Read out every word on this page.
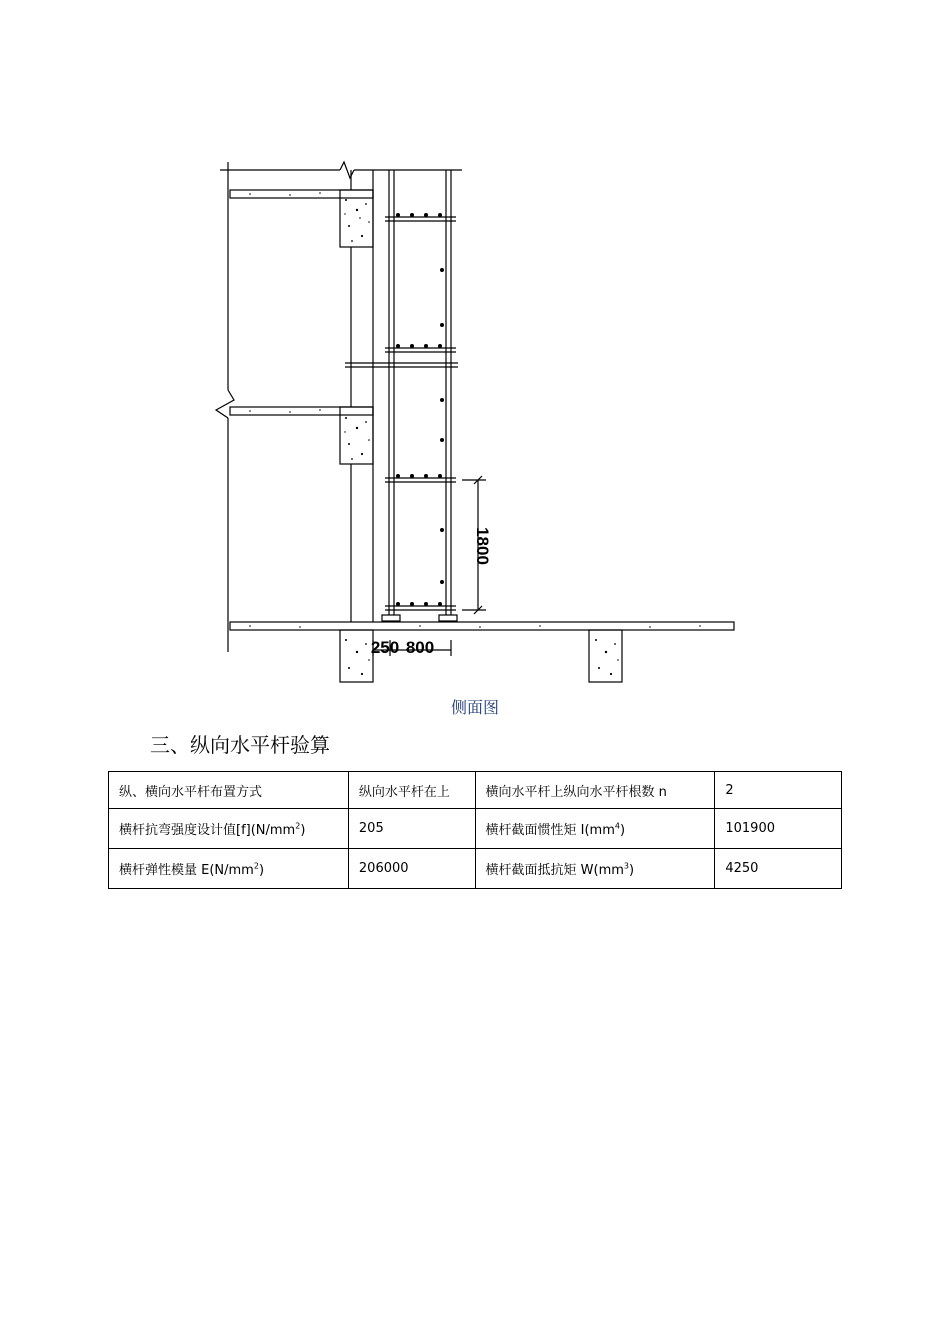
1800
250 800
侧面图
三、纵向水平杆验算
纵、横向水平杆布置方式	纵向水平杆在上	横向水平杆上纵向水平杆根数 n	2
横杆抗弯强度设计值$[f](N/mm^2)$	205	横杆截面惯性矩 $I(mm^4)$	101900
横杆弹性模量 $E(N/mm^2)$	206000	横杆截面抵抗矩 $W(mm^3)$	4250
